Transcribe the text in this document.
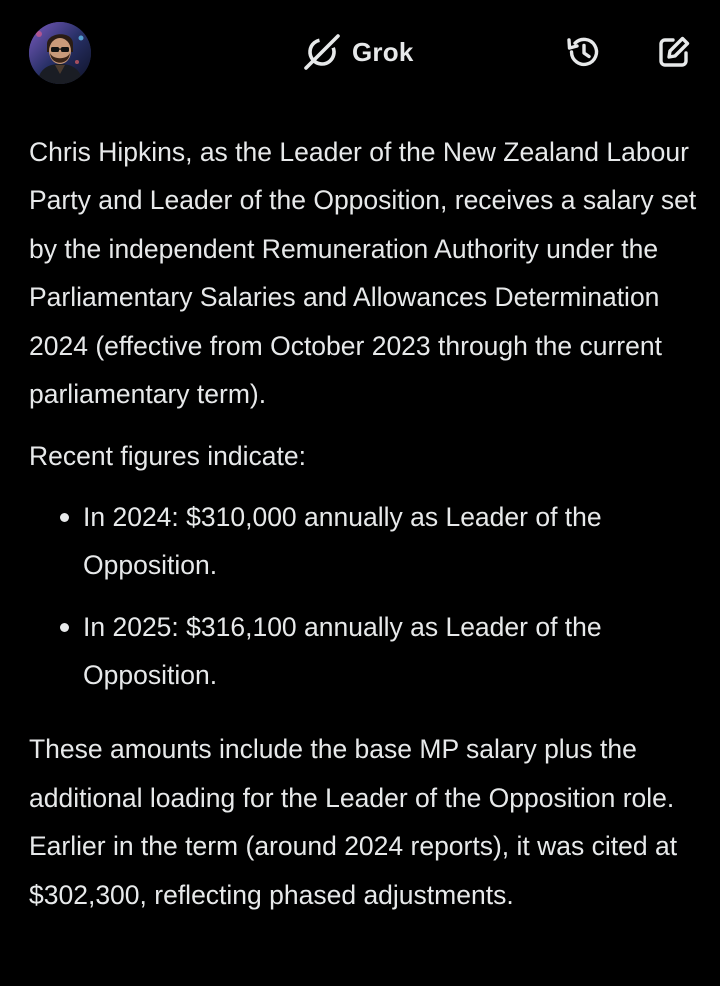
Grok

Chris Hipkins, as the Leader of the New Zealand Labour Party and Leader of the Opposition, receives a salary set by the independent Remuneration Authority under the Parliamentary Salaries and Allowances Determination 2024 (effective from October 2023 through the current parliamentary term).

Recent figures indicate:

In 2024: $310,000 annually as Leader of the Opposition.
In 2025: $316,100 annually as Leader of the Opposition.

These amounts include the base MP salary plus the additional loading for the Leader of the Opposition role. Earlier in the term (around 2024 reports), it was cited at $302,300, reflecting phased adjustments.
